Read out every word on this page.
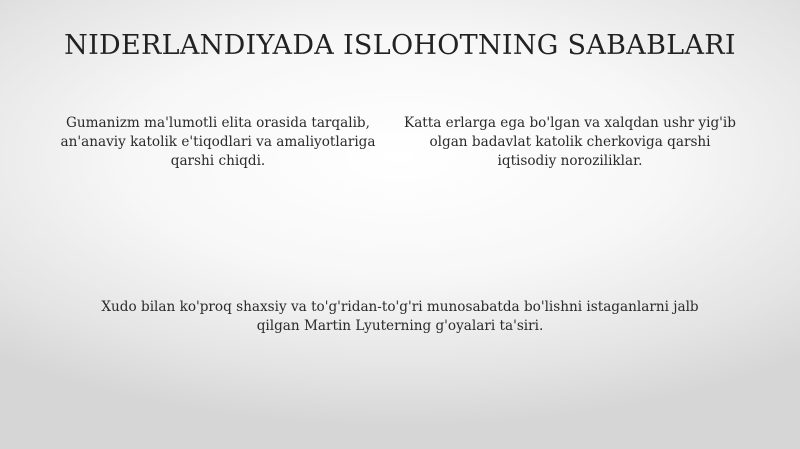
NIDERLANDIYADA ISLOHOTNING SABABLARI
Gumanizm ma'lumotli elita orasida tarqalib, an'anaviy katolik e'tiqodlari va amaliyotlariga qarshi chiqdi.
Katta erlarga ega bo'lgan va xalqdan ushr yig'ib olgan badavlat katolik cherkoviga qarshi iqtisodiy noroziliklar.
Xudo bilan ko'proq shaxsiy va to'g'ridan-to'g'ri munosabatda bo'lishni istaganlarni jalb qilgan Martin Lyuterning g'oyalari ta'siri.
